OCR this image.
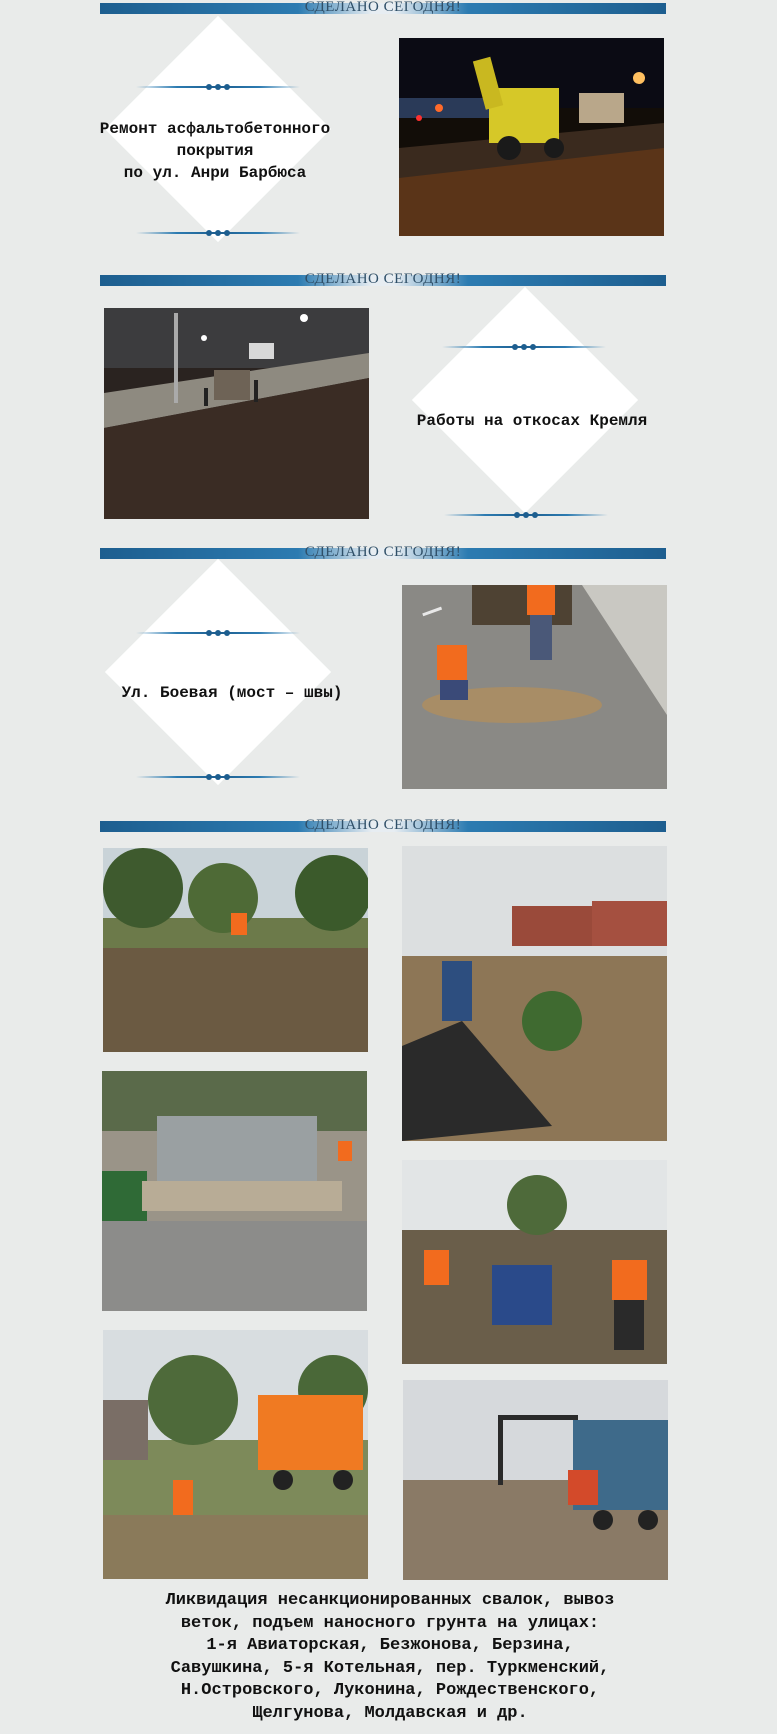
СДЕЛАНО СЕГОДНЯ!
Ремонт асфальтобетонного
покрытия
по ул. Анри Барбюса
СДЕЛАНО СЕГОДНЯ!
Работы на откосах Кремля
СДЕЛАНО СЕГОДНЯ!
Ул. Боевая (мост – швы)
СДЕЛАНО СЕГОДНЯ!
Ликвидация несанкционированных свалок, вывоз
веток, подъем наносного грунта на улицах:
1-я Авиаторская, Безжонова, Берзина,
Савушкина, 5-я Котельная, пер. Туркменский,
Н.Островского, Луконина, Рождественского,
Щелгунова, Молдавская и др.
